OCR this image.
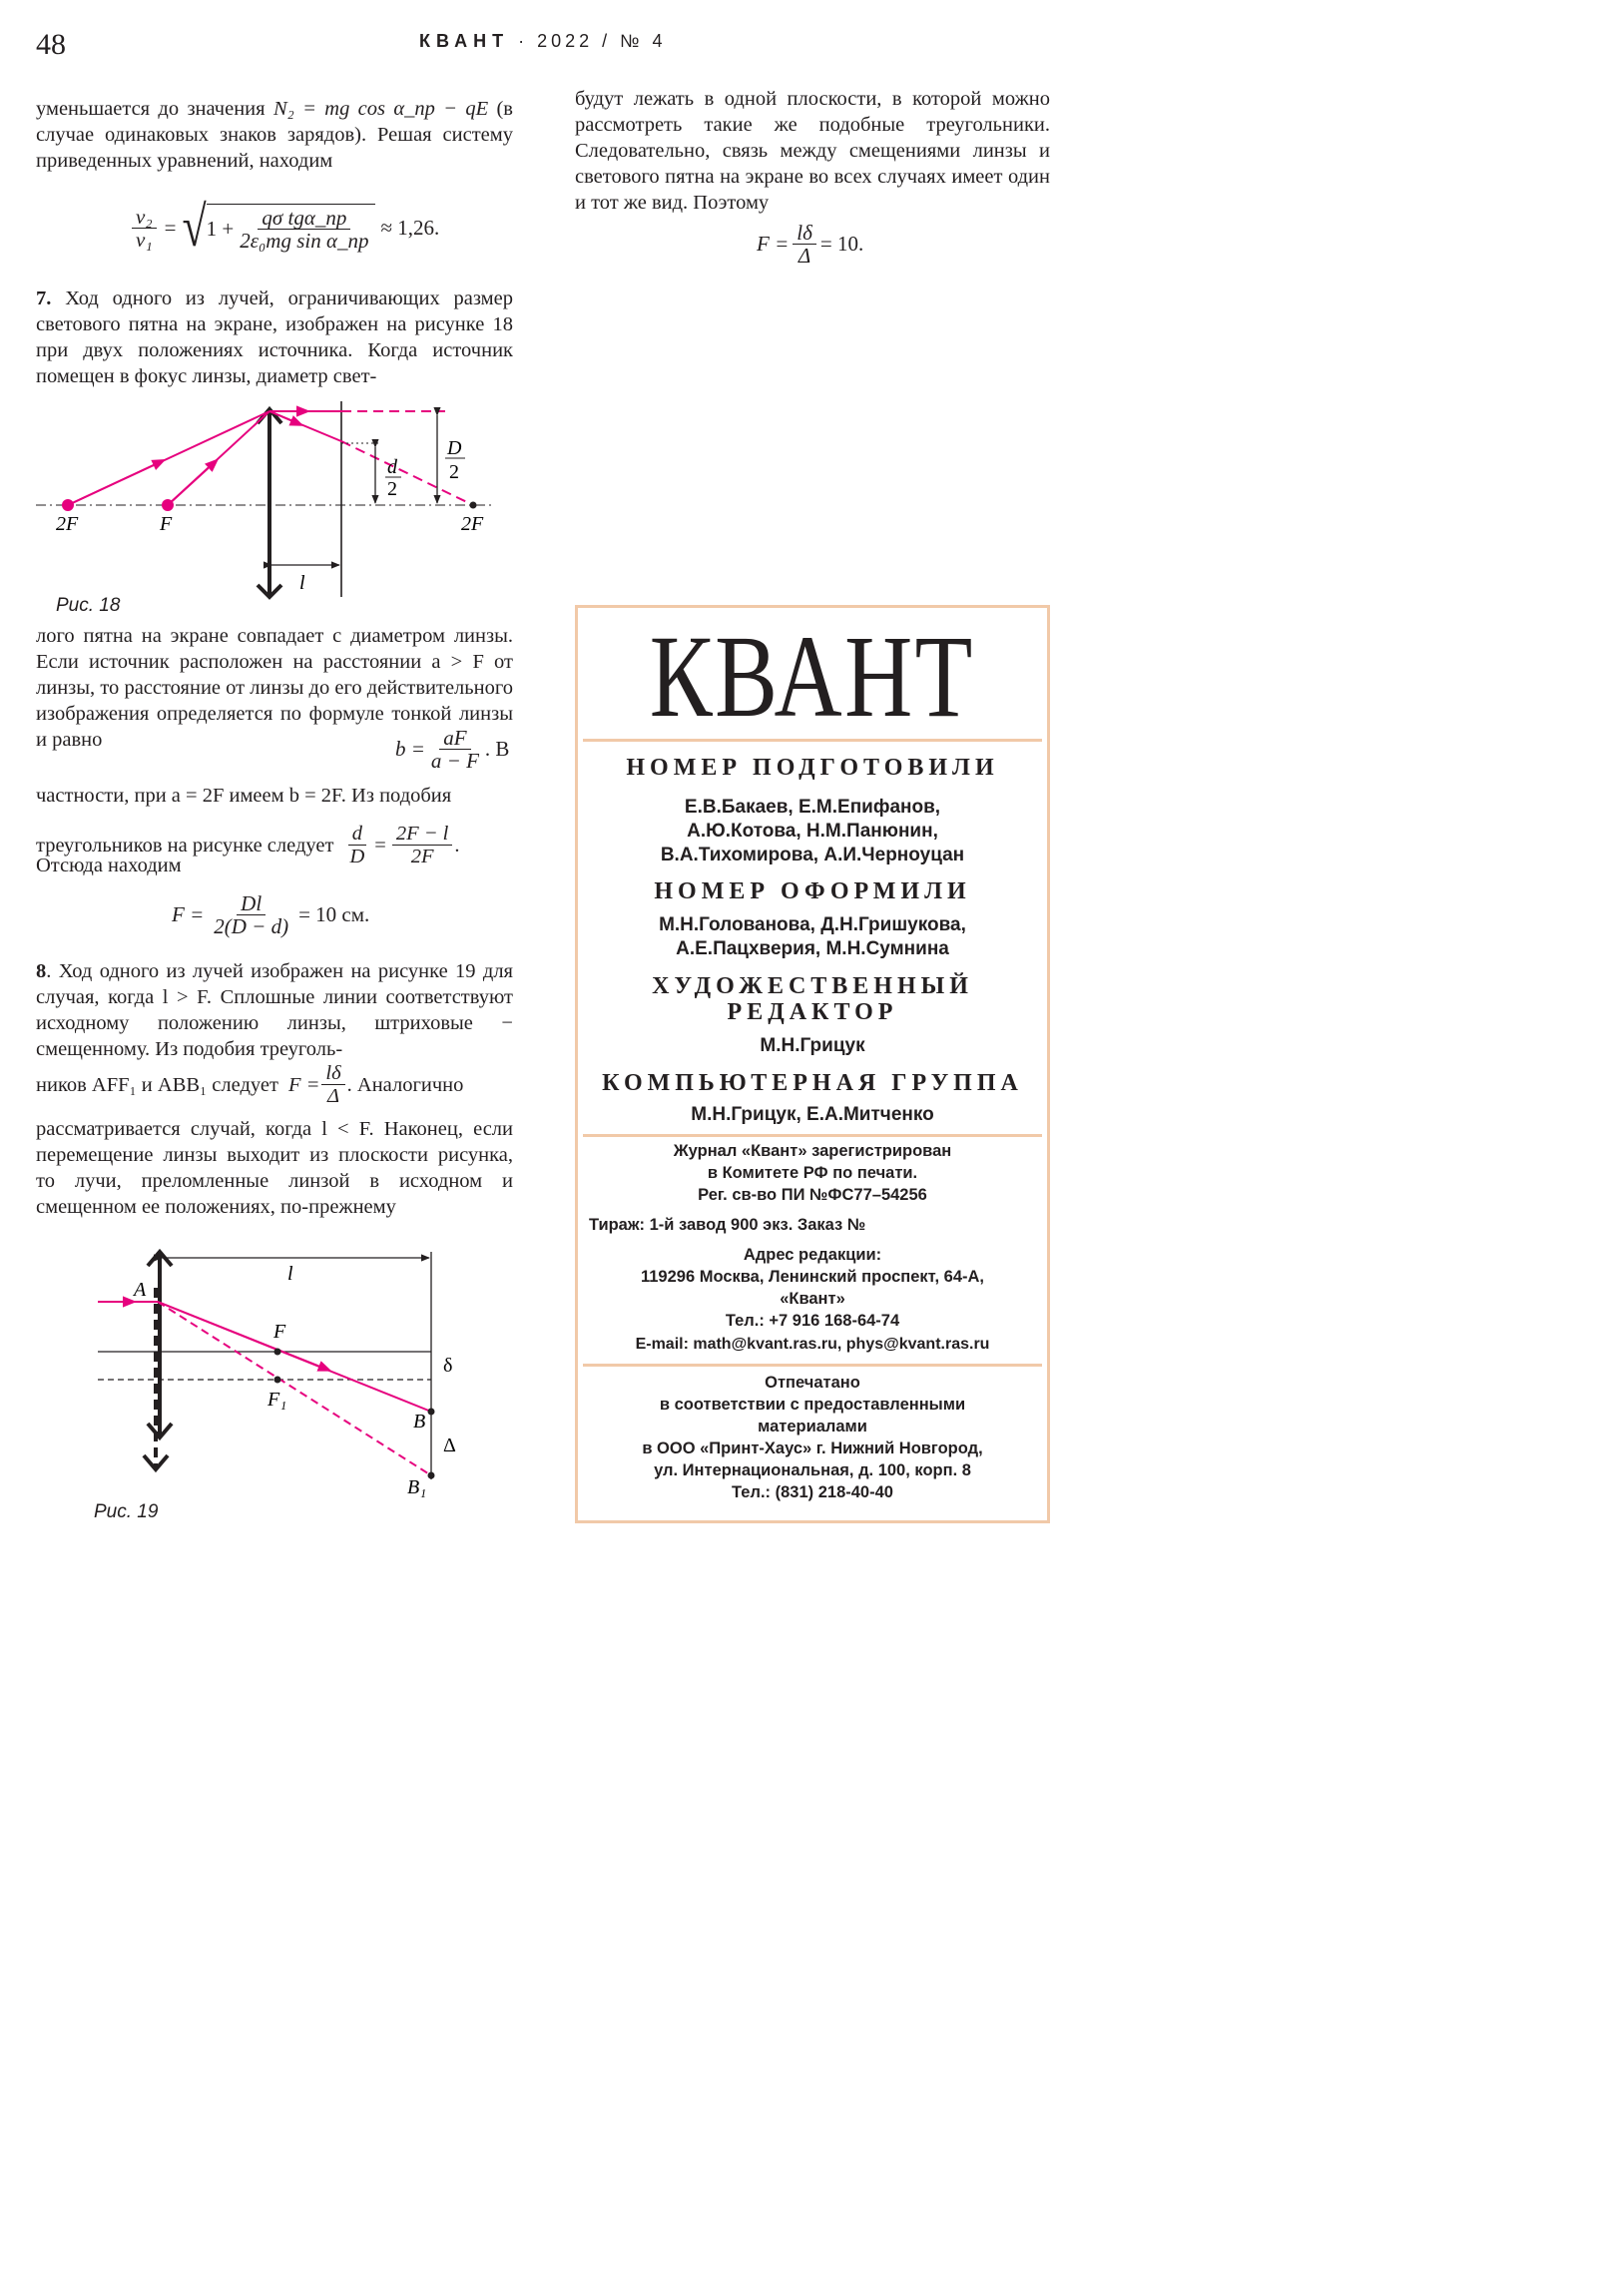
48	КВАНТ · 2022 / № 4

уменьшается до значения N₂ = mg cos α_пр − qE (в случае одинаковых знаков зарядов). Решая систему приведенных уравнений, находим

$\frac{\text{v₂}}{\text{v₁}}$ = √ $1 + \frac{\text{qσ tgα\_пр}}{\text{2ε₀mg sin α\_пр}} \approx 1,26$.

7. Ход одного из лучей, ограничивающих размер светового пятна на экране, изображен на рисунке 18 при двух положениях источника. Когда источник помещен в фокус линзы, диаметр свет-

2F	F	2F
l
d
2
D
2
Рис. 18

лого пятна на экране совпадает с диаметром линзы. Если источник расположен на расстоянии a > F от линзы, то расстояние от линзы до его действительного изображения определяется по формуле тонкой линзы и равно	$b = \frac{aF}{a - F}$ . В
частности, при a = 2F имеем b = 2F. Из подобия
треугольников на рисунке следует $\frac{d}{D} = \frac{2F - l}{2F}$ .
Отсюда находим
$F = \frac{Dl}{2(D - d)} = 10$ см.

8. Ход одного из лучей изображен на рисунке 19 для случая, когда l > F. Сплошные линии соответствуют исходному положению линзы, штриховые − смещенному. Из подобия треуголь-

ников AFF₁ и ABB₁ следует $F = \frac{l\delta}{\Delta}$ . Аналогично
рассматривается случай, когда l < F. Наконец, если перемещение линзы выходит из плоскости рисунка, то лучи, преломленные линзой в исходном и смещенном ее положениях, по-прежнему
A
l
F
F₁
δ
B
Δ
B₁
Рис. 19
будут лежать в одной плоскости, в которой можно рассмотреть такие же подобные треугольники. Следовательно, связь между смещениями линзы и светового пятна на экране во всех случаях имеет один и тот же вид. Поэтому
$F = \frac{l\delta}{\Delta} = 10$.
КВАНТ
НОМЕР ПОДГОТОВИЛИ
Е.В.Бакаев, Е.М.Епифанов,
А.Ю.Котова, Н.М.Панюнин,
В.А.Тихомирова, А.И.Черноуцан
НОМЕР ОФОРМИЛИ
М.Н.Голованова, Д.Н.Гришукова,
А.Е.Пацхверия, М.Н.Сумнина
ХУДОЖЕСТВЕННЫЙ
РЕДАКТОР
М.Н.Грицук
КОМПЬЮТЕРНАЯ ГРУППА
М.Н.Грицук, Е.А.Митченко
Журнал «Квант» зарегистрирован
в Комитете РФ по печати.
Рег. св-во ПИ №ФС77–54256
Тираж: 1-й завод 900 экз. Заказ №
Адрес редакции:
119296 Москва, Ленинский проспект, 64-А,
«Квант»
Тел.: +7 916 168-64-74
E-mail: math@kvant.ras.ru, phys@kvant.ras.ru
Отпечатано
в соответствии с предоставленными
материалами
в ООО «Принт-Хаус» г. Нижний Новгород,
ул. Интернациональная, д. 100, корп. 8
Тел.: (831) 218-40-40
